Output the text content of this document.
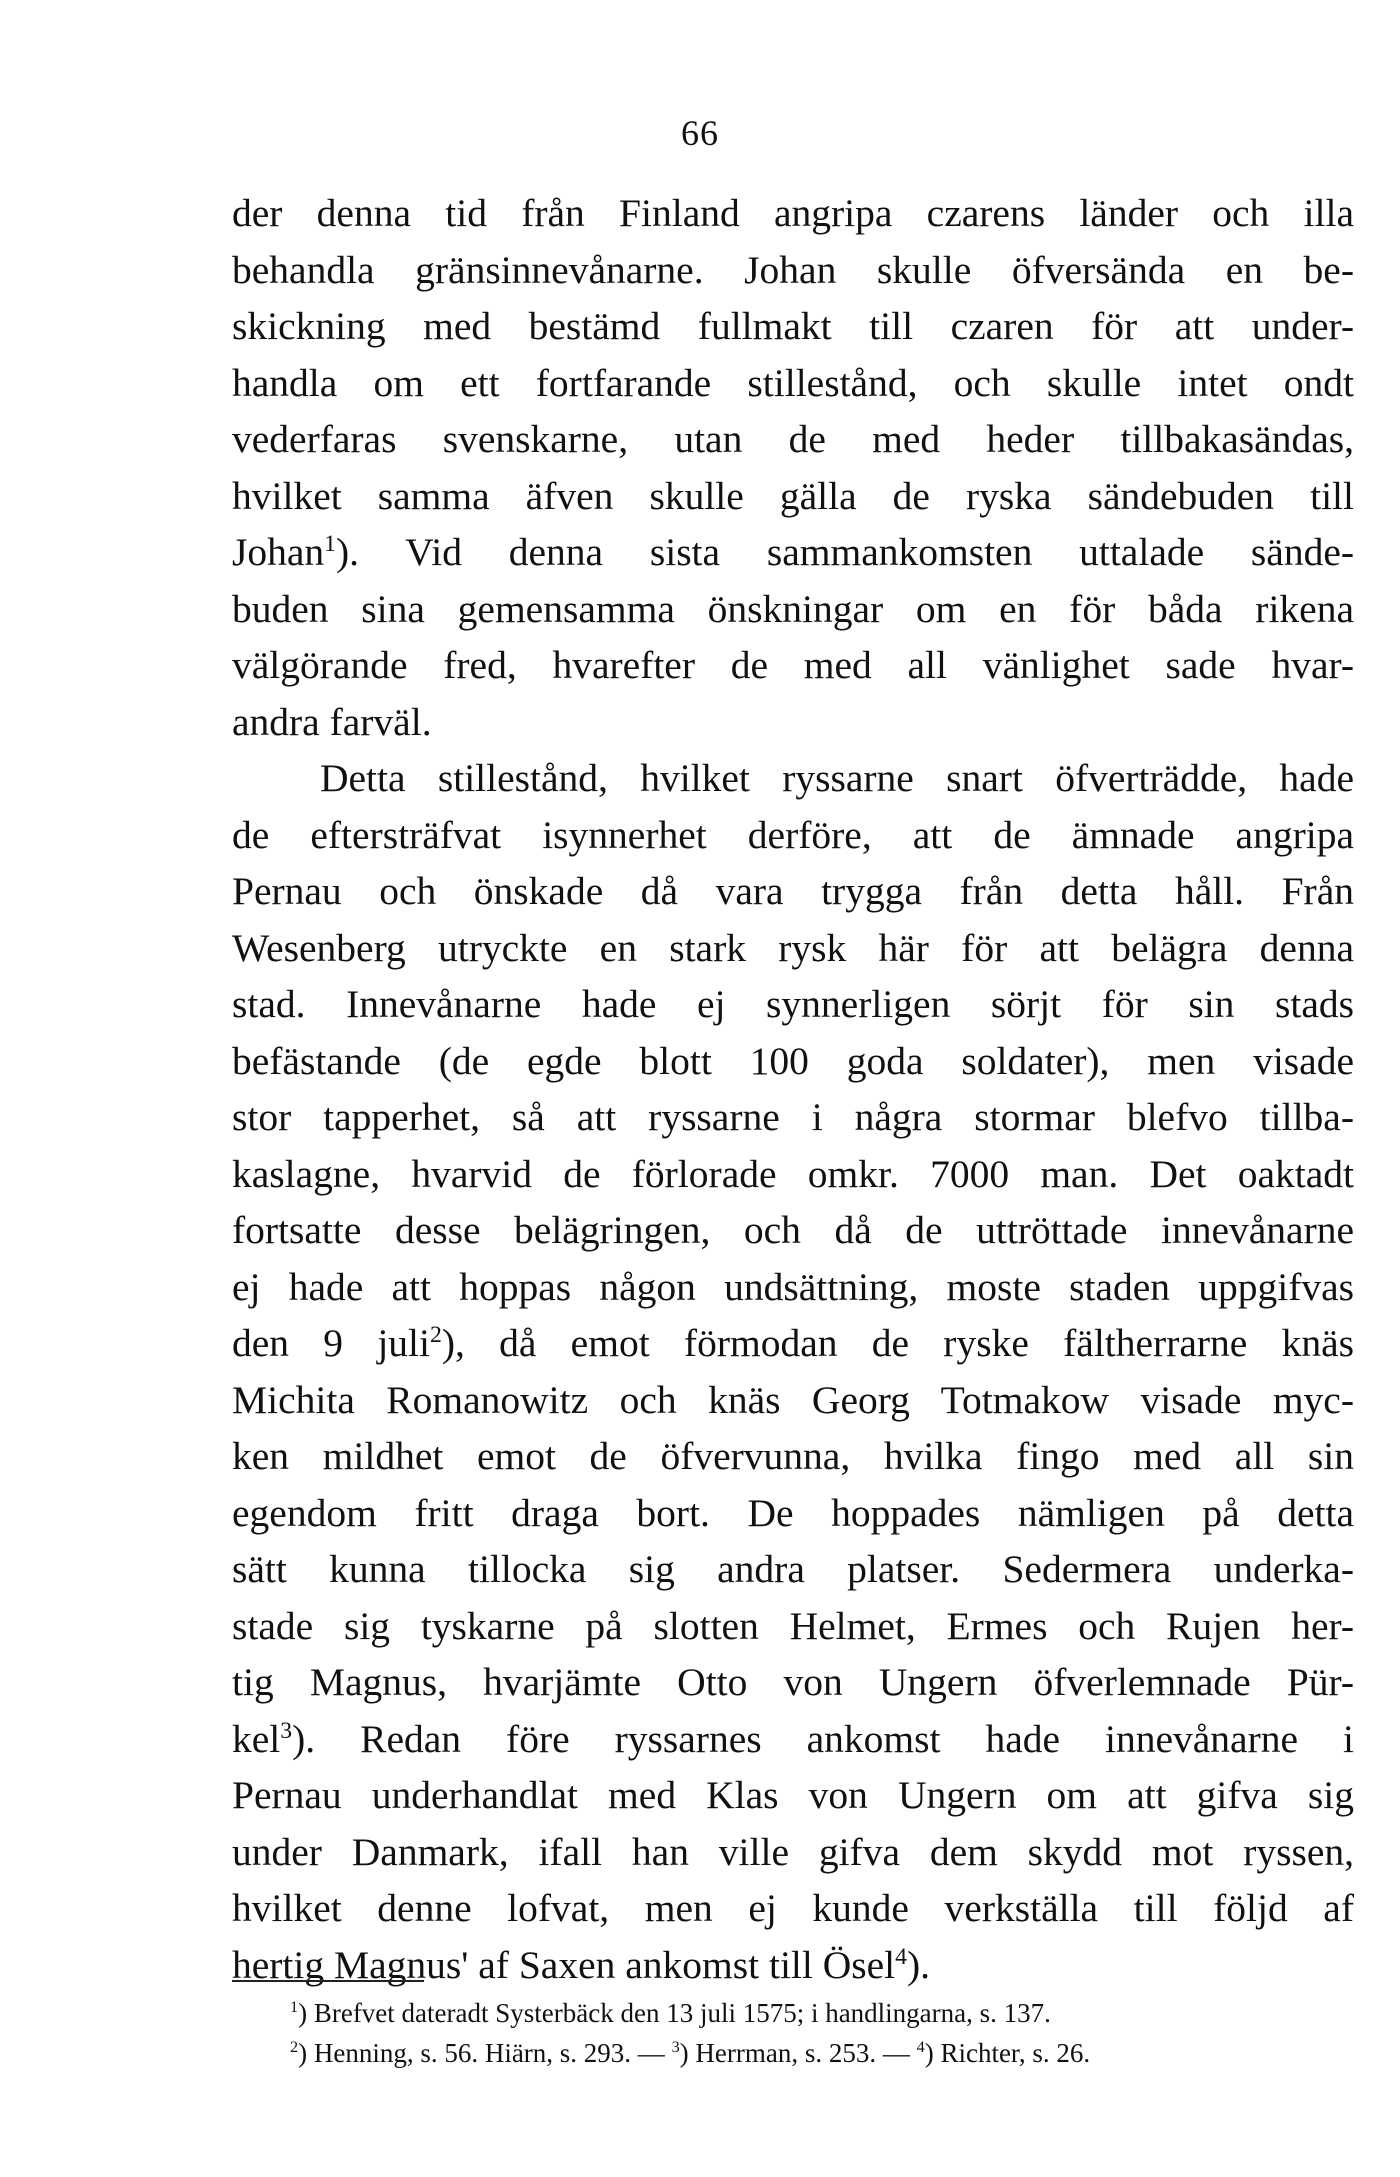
66
der denna tid från Finland angripa czarens länder och illa
behandla gränsinnevånarne. Johan skulle öfversända en be-
skickning med bestämd fullmakt till czaren för att under-
handla om ett fortfarande stillestånd, och skulle intet ondt
vederfaras svenskarne, utan de med heder tillbakasändas,
hvilket samma äfven skulle gälla de ryska sändebuden till
Johan$^1$). Vid denna sista sammankomsten uttalade sände-
buden sina gemensamma önskningar om en för båda rikena
välgörande fred, hvarefter de med all vänlighet sade hvar-
andra farväl.
Detta stillestånd, hvilket ryssarne snart öfverträdde, hade
de eftersträfvat isynnerhet derföre, att de ämnade angripa
Pernau och önskade då vara trygga från detta håll. Från
Wesenberg utryckte en stark rysk här för att belägra denna
stad. Innevånarne hade ej synnerligen sörjt för sin stads
befästande (de egde blott 100 goda soldater), men visade
stor tapperhet, så att ryssarne i några stormar blefvo tillba-
kaslagne, hvarvid de förlorade omkr. 7000 man. Det oaktadt
fortsatte desse belägringen, och då de uttröttade innevånarne
ej hade att hoppas någon undsättning, moste staden uppgifvas
den 9 juli$^2$), då emot förmodan de ryske fältherrarne knäs
Michita Romanowitz och knäs Georg Totmakow visade myc-
ken mildhet emot de öfvervunna, hvilka fingo med all sin
egendom fritt draga bort. De hoppades nämligen på detta
sätt kunna tillocka sig andra platser. Sedermera underka-
stade sig tyskarne på slotten Helmet, Ermes och Rujen her-
tig Magnus, hvarjämte Otto von Ungern öfverlemnade Pür-
kel$^3$). Redan före ryssarnes ankomst hade innevånarne i
Pernau underhandlat med Klas von Ungern om att gifva sig
under Danmark, ifall han ville gifva dem skydd mot ryssen,
hvilket denne lofvat, men ej kunde verkställa till följd af
hertig Magnus' af Saxen ankomst till Ösel$^4$).
$^1$) Brefvet dateradt Systerbäck den 13 juli 1575; i handlingarna, s. 137.
$^2$) Henning, s. 56. Hiärn, s. 293. — $^3$) Herrman, s. 253. — $^4$) Richter, s. 26.
